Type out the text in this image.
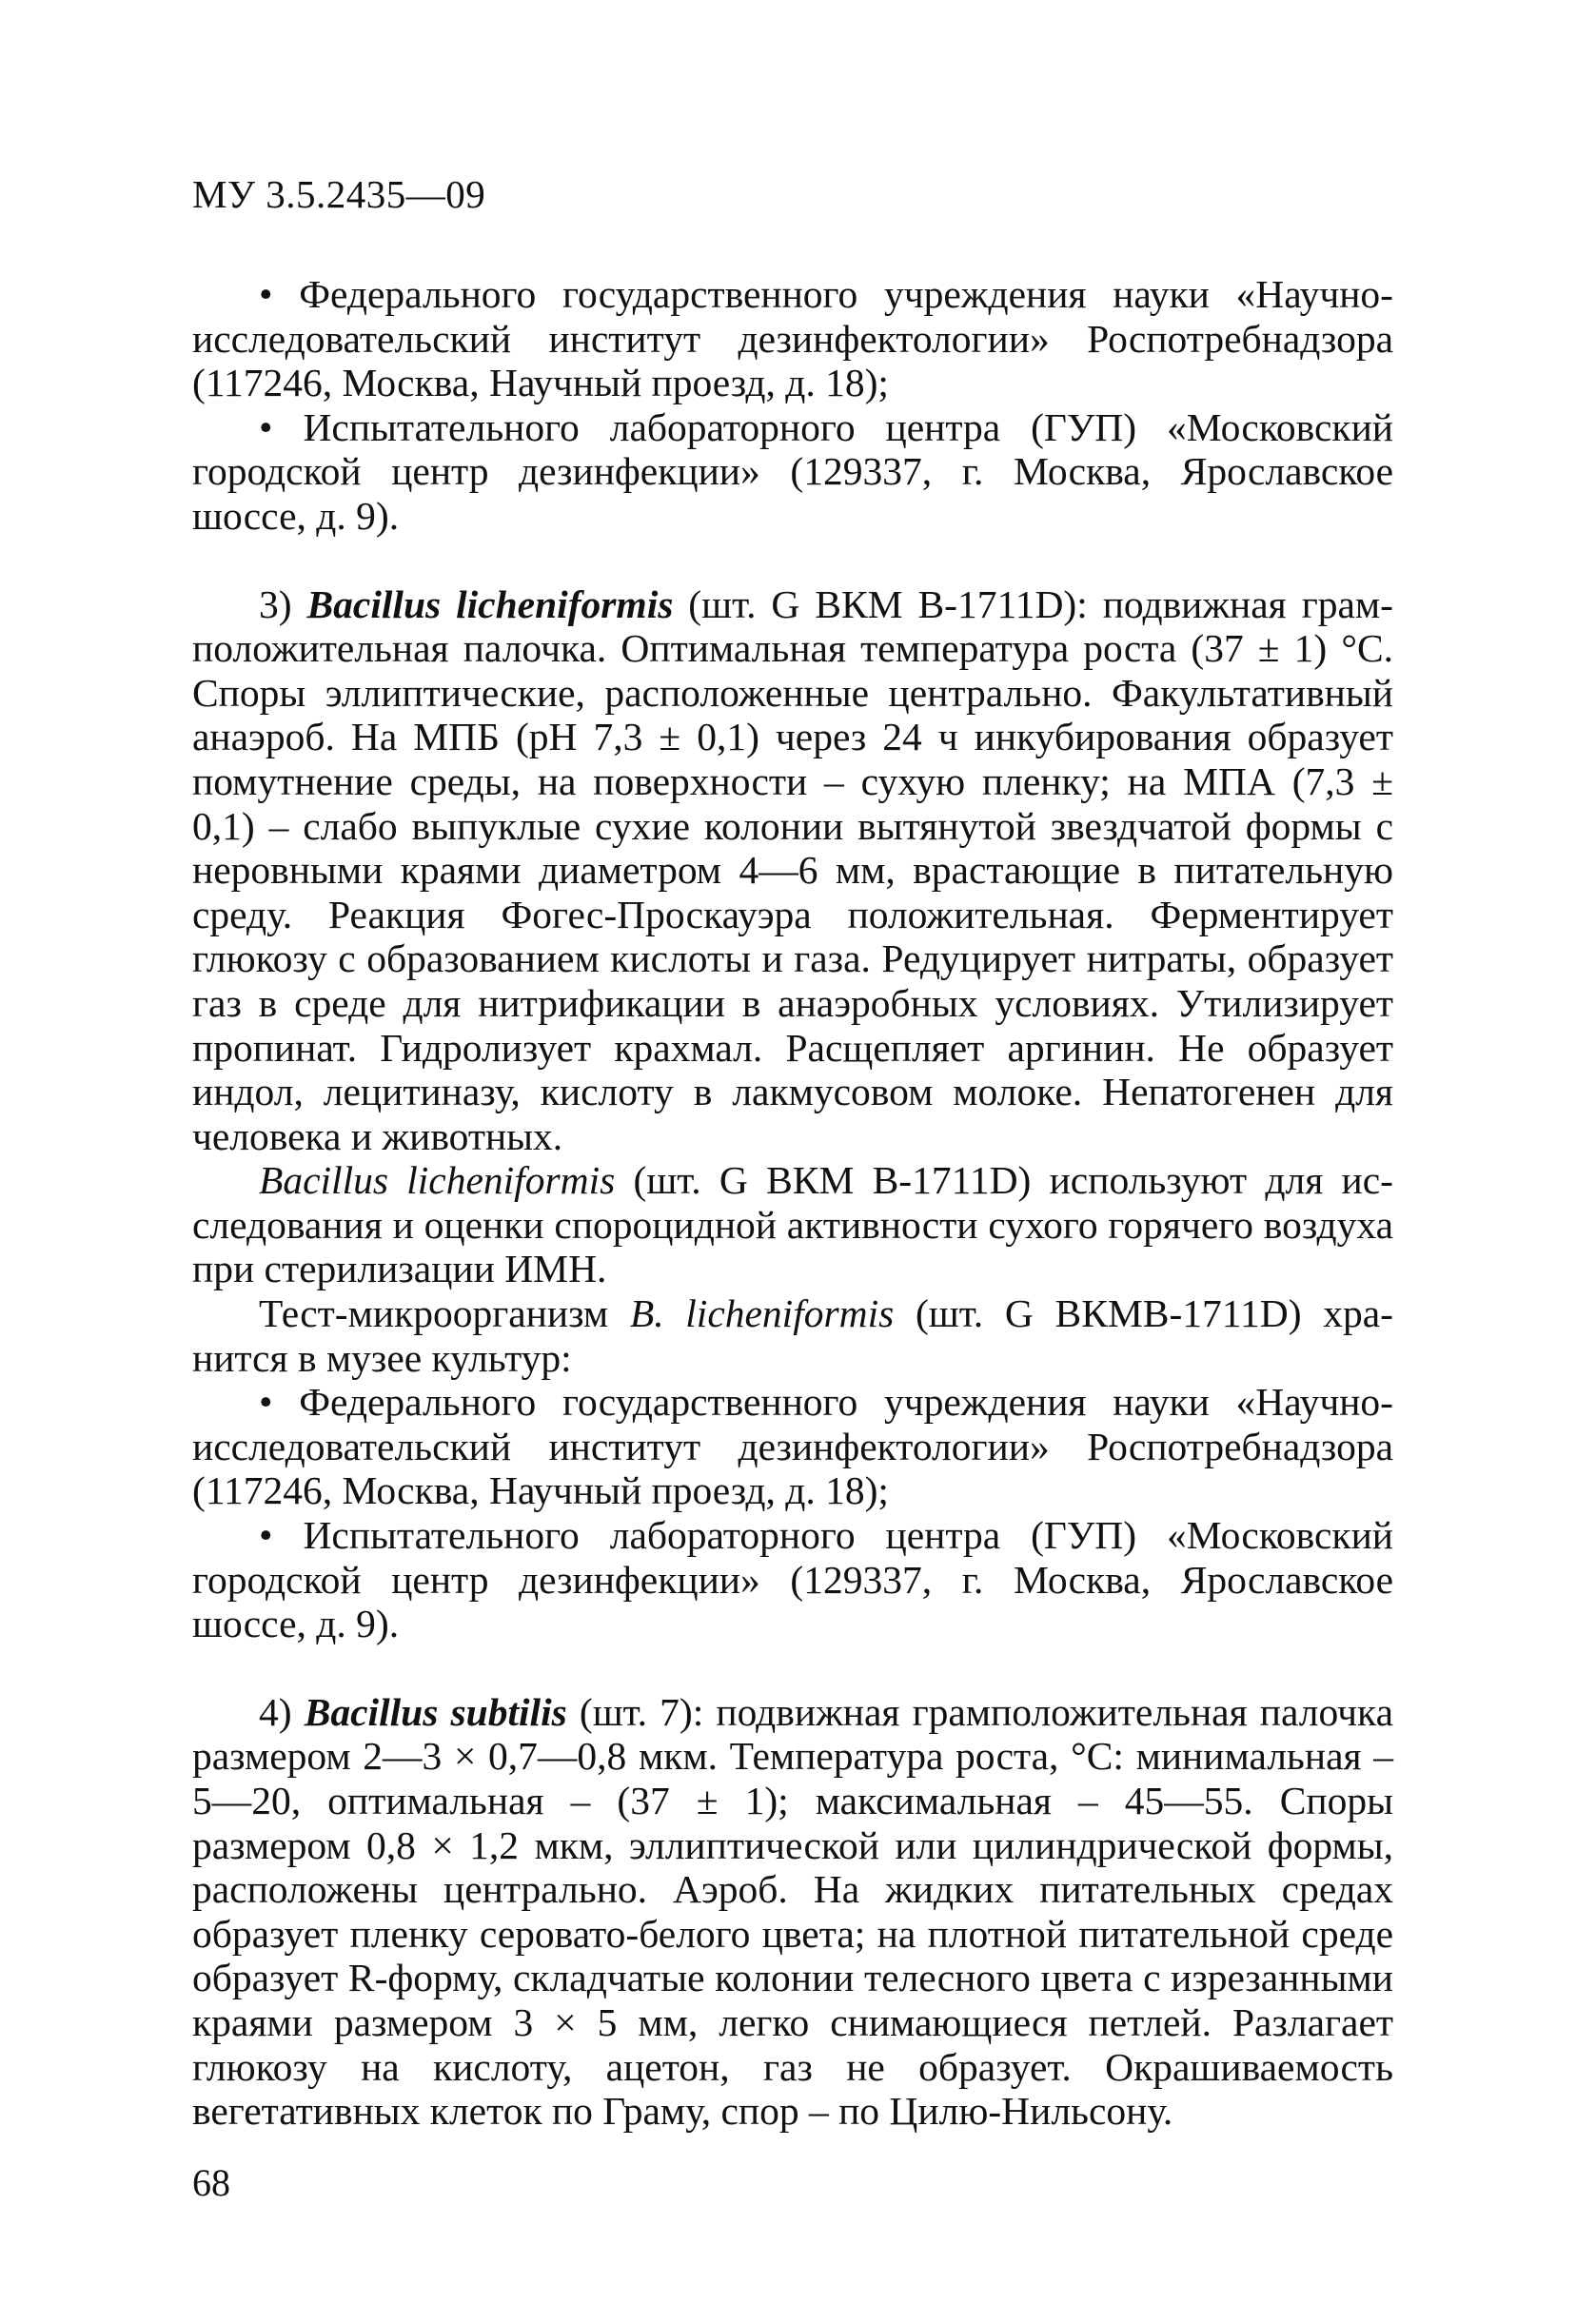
МУ 3.5.2435—09

• Федерального государственного учреждения науки «Научно-исследовательский институт дезинфектологии» Роспотребнадзора (117246, Москва, Научный проезд, д. 18);

• Испытательного лабораторного центра (ГУП) «Московский городской центр дезинфекции» (129337, г. Москва, Ярославское шоссе, д. 9).

3) Bacillus licheniformis (шт. G ВКМ В-1711D): подвижная грамположительная палочка. Оптимальная температура роста (37 ± 1) °С. Споры эллиптические, расположенные центрально. Факультативный анаэроб. На МПБ (pH 7,3 ± 0,1) через 24 ч инкубирования образует помутнение среды, на поверхности – сухую пленку; на МПА (7,3 ± 0,1) – слабо выпуклые сухие колонии вытянутой звездчатой формы с неровными краями диаметром 4—6 мм, врастающие в питательную среду. Реакция Фогес-Проскауэра положительная. Ферментирует глюкозу с образованием кислоты и газа. Редуцирует нитраты, образует газ в среде для нитрификации в анаэробных условиях. Утилизирует пропинат. Гидролизует крахмал. Расщепляет аргинин. Не образует индол, лецитиназу, кислоту в лакмусовом молоке. Непатогенен для человека и животных.

Bacillus licheniformis (шт. G ВКМ В-1711D) используют для исследования и оценки спороцидной активности сухого горячего воздуха при стерилизации ИМН.

Тест-микроорганизм B. licheniformis (шт. G ВКМВ-1711D) хранится в музее культур:

• Федерального государственного учреждения науки «Научно-исследовательский институт дезинфектологии» Роспотребнадзора (117246, Москва, Научный проезд, д. 18);

• Испытательного лабораторного центра (ГУП) «Московский городской центр дезинфекции» (129337, г. Москва, Ярославское шоссе, д. 9).

4) Bacillus subtilis (шт. 7): подвижная грамположительная палочка размером 2—3 × 0,7—0,8 мкм. Температура роста, °С: минимальная – 5—20, оптимальная – (37 ± 1); максимальная – 45—55. Споры размером 0,8 × 1,2 мкм, эллиптической или цилиндрической формы, расположены центрально. Аэроб. На жидких питательных средах образует пленку серовато-белого цвета; на плотной питательной среде образует R-форму, складчатые колонии телесного цвета с изрезанными краями размером 3 × 5 мм, легко снимающиеся петлей. Разлагает глюкозу на кислоту, ацетон, газ не образует. Окрашиваемость вегетативных клеток по Граму, спор – по Цилю-Нильсону.

68
